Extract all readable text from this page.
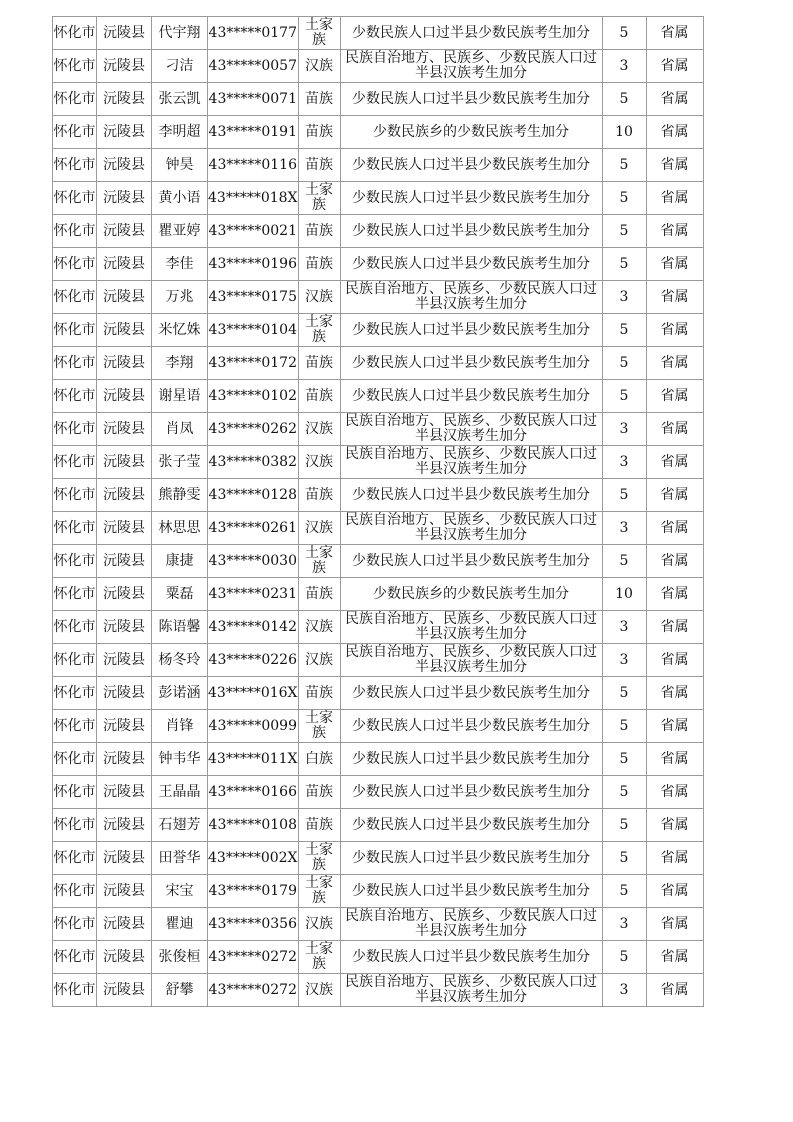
怀化市	沅陵县	代宇翔	43*****0177	土家族	少数民族人口过半县少数民族考生加分	5	省属
怀化市	沅陵县	刁洁	43*****0057	汉族	民族自治地方、民族乡、少数民族人口过半县汉族考生加分	3	省属
怀化市	沅陵县	张云凯	43*****0071	苗族	少数民族人口过半县少数民族考生加分	5	省属
怀化市	沅陵县	李明超	43*****0191	苗族	少数民族乡的少数民族考生加分	10	省属
怀化市	沅陵县	钟昊	43*****0116	苗族	少数民族人口过半县少数民族考生加分	5	省属
怀化市	沅陵县	黄小语	43*****018X	土家族	少数民族人口过半县少数民族考生加分	5	省属
怀化市	沅陵县	瞿亚婷	43*****0021	苗族	少数民族人口过半县少数民族考生加分	5	省属
怀化市	沅陵县	李佳	43*****0196	苗族	少数民族人口过半县少数民族考生加分	5	省属
怀化市	沅陵县	万兆	43*****0175	汉族	民族自治地方、民族乡、少数民族人口过半县汉族考生加分	3	省属
怀化市	沅陵县	米忆姝	43*****0104	土家族	少数民族人口过半县少数民族考生加分	5	省属
怀化市	沅陵县	李翔	43*****0172	苗族	少数民族人口过半县少数民族考生加分	5	省属
怀化市	沅陵县	谢星语	43*****0102	苗族	少数民族人口过半县少数民族考生加分	5	省属
怀化市	沅陵县	肖凤	43*****0262	汉族	民族自治地方、民族乡、少数民族人口过半县汉族考生加分	3	省属
怀化市	沅陵县	张子莹	43*****0382	汉族	民族自治地方、民族乡、少数民族人口过半县汉族考生加分	3	省属
怀化市	沅陵县	熊静雯	43*****0128	苗族	少数民族人口过半县少数民族考生加分	5	省属
怀化市	沅陵县	林思思	43*****0261	汉族	民族自治地方、民族乡、少数民族人口过半县汉族考生加分	3	省属
怀化市	沅陵县	康捷	43*****0030	土家族	少数民族人口过半县少数民族考生加分	5	省属
怀化市	沅陵县	粟磊	43*****0231	苗族	少数民族乡的少数民族考生加分	10	省属
怀化市	沅陵县	陈语馨	43*****0142	汉族	民族自治地方、民族乡、少数民族人口过半县汉族考生加分	3	省属
怀化市	沅陵县	杨冬玲	43*****0226	汉族	民族自治地方、民族乡、少数民族人口过半县汉族考生加分	3	省属
怀化市	沅陵县	彭诺涵	43*****016X	苗族	少数民族人口过半县少数民族考生加分	5	省属
怀化市	沅陵县	肖锋	43*****0099	土家族	少数民族人口过半县少数民族考生加分	5	省属
怀化市	沅陵县	钟韦华	43*****011X	白族	少数民族人口过半县少数民族考生加分	5	省属
怀化市	沅陵县	王晶晶	43*****0166	苗族	少数民族人口过半县少数民族考生加分	5	省属
怀化市	沅陵县	石翅芳	43*****0108	苗族	少数民族人口过半县少数民族考生加分	5	省属
怀化市	沅陵县	田誉华	43*****002X	土家族	少数民族人口过半县少数民族考生加分	5	省属
怀化市	沅陵县	宋宝	43*****0179	土家族	少数民族人口过半县少数民族考生加分	5	省属
怀化市	沅陵县	瞿迪	43*****0356	汉族	民族自治地方、民族乡、少数民族人口过半县汉族考生加分	3	省属
怀化市	沅陵县	张俊桓	43*****0272	土家族	少数民族人口过半县少数民族考生加分	5	省属
怀化市	沅陵县	舒攀	43*****0272	汉族	民族自治地方、民族乡、少数民族人口过半县汉族考生加分	3	省属
